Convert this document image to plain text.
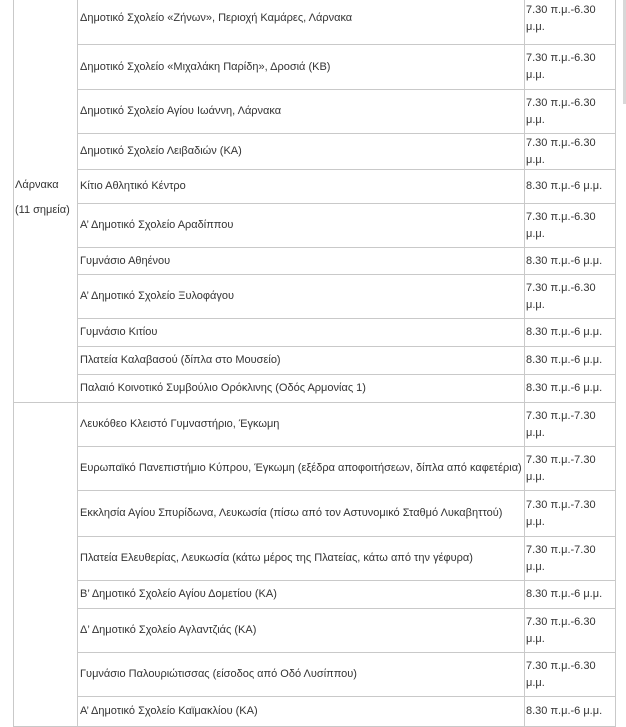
Λάρνακα
(11 σημεία)	Δημοτικό Σχολείο «Ζήνων», Περιοχή Καμάρες, Λάρνακα	7.30 π.μ.-6.30
μ.μ.

	Δημοτικό Σχολείο «Μιχαλάκη Παρίδη», Δροσιά (ΚΒ)	7.30 π.μ.-6.30
μ.μ.

	Δημοτικό Σχολείο Αγίου Ιωάννη, Λάρνακα	7.30 π.μ.-6.30
μ.μ.

	Δημοτικό Σχολείο Λειβαδιών (ΚΑ)	7.30 π.μ.-6.30
μ.μ.

	Κίτιο Αθλητικό Κέντρο	8.30 π.μ.-6 μ.μ.

	Α’ Δημοτικό Σχολείο Αραδίππου	7.30 π.μ.-6.30
μ.μ.

	Γυμνάσιο Αθηένου	8.30 π.μ.-6 μ.μ.

	Α’ Δημοτικό Σχολείο Ξυλοφάγου	7.30 π.μ.-6.30
μ.μ.

	Γυμνάσιο Κιτίου	8.30 π.μ.-6 μ.μ.

	Πλατεία Καλαβασού (δίπλα στο Μουσείο)	8.30 π.μ.-6 μ.μ.

	Παλαιό Κοινοτικό Συμβούλιο Ορόκλινης (Οδός Αρμονίας 1)	8.30 π.μ.-6 μ.μ.

	Λευκόθεο Κλειστό Γυμναστήριο, Έγκωμη	7.30 π.μ.-7.30
μ.μ.

	Ευρωπαϊκό Πανεπιστήμιο Κύπρου, Έγκωμη (εξέδρα αποφοιτήσεων, δίπλα από καφετέρια)	7.30 π.μ.-7.30
μ.μ.

	Εκκλησία Αγίου Σπυρίδωνα, Λευκωσία (πίσω από τον Αστυνομικό Σταθμό Λυκαβηττού)	7.30 π.μ.-7.30
μ.μ.

	Πλατεία Ελευθερίας, Λευκωσία (κάτω μέρος της Πλατείας, κάτω από την γέφυρα)	7.30 π.μ.-7.30
μ.μ.

	Β’ Δημοτικό Σχολείο Αγίου Δομετίου (ΚΑ)	8.30 π.μ.-6 μ.μ.

	Δ’ Δημοτικό Σχολείο Αγλαντζιάς (ΚΑ)	7.30 π.μ.-6.30
μ.μ.

	Γυμνάσιο Παλουριώτισσας (είσοδος από Οδό Λυσίππου)	7.30 π.μ.-6.30
μ.μ.

	Α’ Δημοτικό Σχολείο Καϊμακλίου (ΚΑ)	8.30 π.μ.-6 μ.μ.
